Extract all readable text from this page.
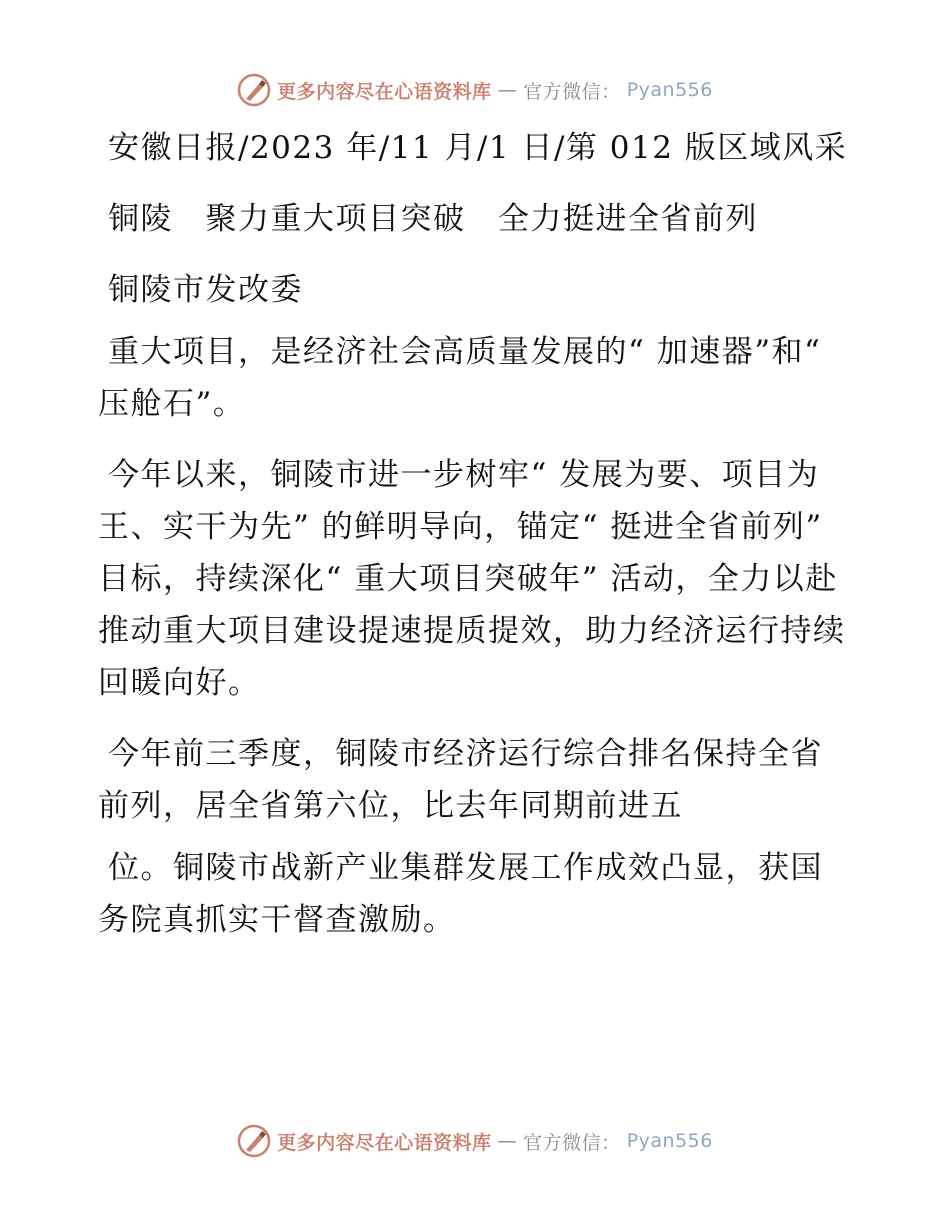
更多内容尽在心语资料库 — 官方微信： Pyan556

安徽日报/2023 年/11 月/1 日/第 012 版区域风采

铜陵　聚力重大项目突破　全力挺进全省前列

铜陵市发改委

重大项目，是经济社会高质量发展的“ 加速器”和“ 压舱石”。

今年以来，铜陵市进一步树牢“ 发展为要、项目为王、实干为先” 的鲜明导向，锚定“ 挺进全省前列” 目标，持续深化“ 重大项目突破年” 活动，全力以赴推动重大项目建设提速提质提效，助力经济运行持续回暖向好。

今年前三季度，铜陵市经济运行综合排名保持全省前列，居全省第六位，比去年同期前进五

位。铜陵市战新产业集群发展工作成效凸显，获国务院真抓实干督查激励。

更多内容尽在心语资料库 — 官方微信： Pyan556
